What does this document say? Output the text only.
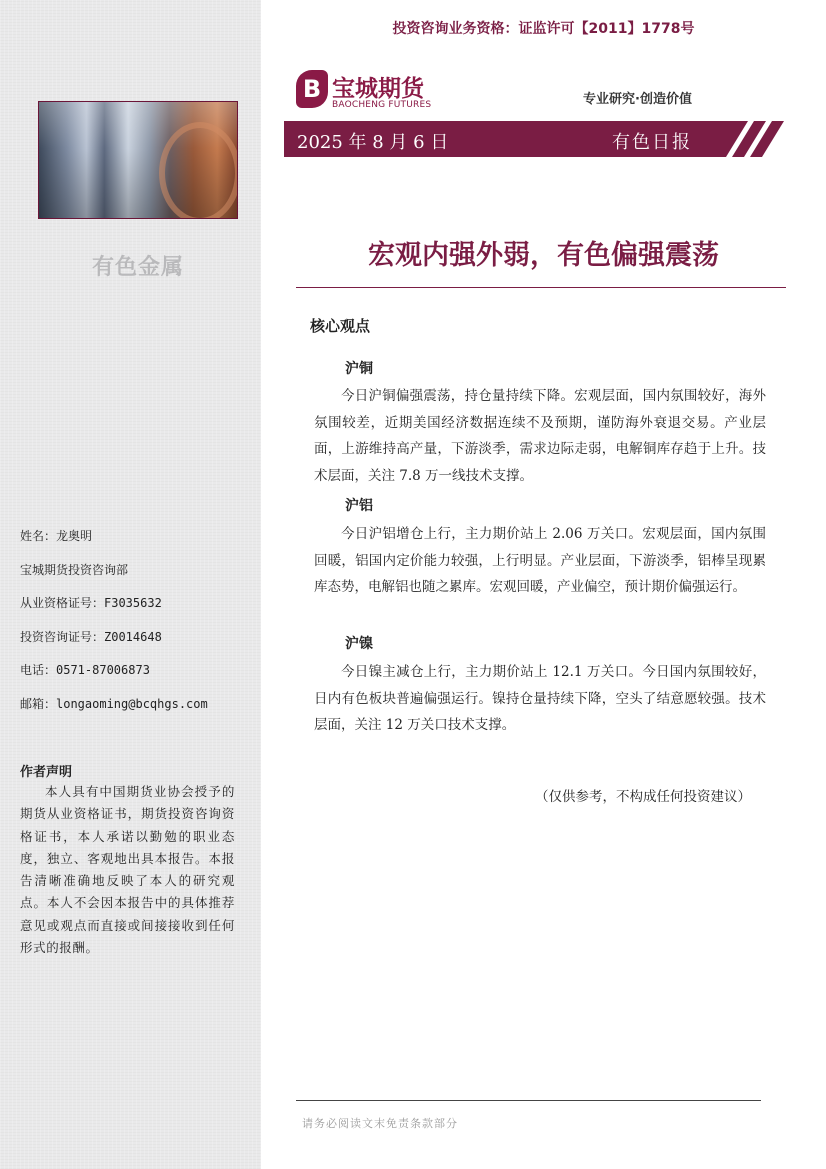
有色金属
姓名：龙奥明
宝城期货投资咨询部
从业资格证号：F3035632
投资咨询证号：Z0014648
电话：0571-87006873
邮箱：longaoming@bcqhgs.com
作者声明
本人具有中国期货业协会授予的期货从业资格证书，期货投资咨询资格证书，本人承诺以勤勉的职业态度，独立、客观地出具本报告。本报告清晰准确地反映了本人的研究观点。本人不会因本报告中的具体推荐意见或观点而直接或间接接收到任何形式的报酬。
投资咨询业务资格：证监许可【2011】1778号
B 宝城期货
BAOCHENG FUTURES	专业研究·创造价值
2025 年 8 月 6 日	有色日报
宏观内强外弱，有色偏强震荡
核心观点
沪铜
今日沪铜偏强震荡，持仓量持续下降。宏观层面，国内氛围较好，海外氛围较差，近期美国经济数据连续不及预期，谨防海外衰退交易。产业层面，上游维持高产量，下游淡季，需求边际走弱，电解铜库存趋于上升。技术层面，关注 7.8 万一线技术支撑。
沪铝
今日沪铝增仓上行，主力期价站上 2.06 万关口。宏观层面，国内氛围回暖，铝国内定价能力较强，上行明显。产业层面，下游淡季，铝棒呈现累库态势，电解铝也随之累库。宏观回暖，产业偏空，预计期价偏强运行。
沪镍
今日镍主减仓上行，主力期价站上 12.1 万关口。今日国内氛围较好，日内有色板块普遍偏强运行。镍持仓量持续下降，空头了结意愿较强。技术层面，关注 12 万关口技术支撑。
（仅供参考，不构成任何投资建议）
请务必阅读文末免责条款部分
